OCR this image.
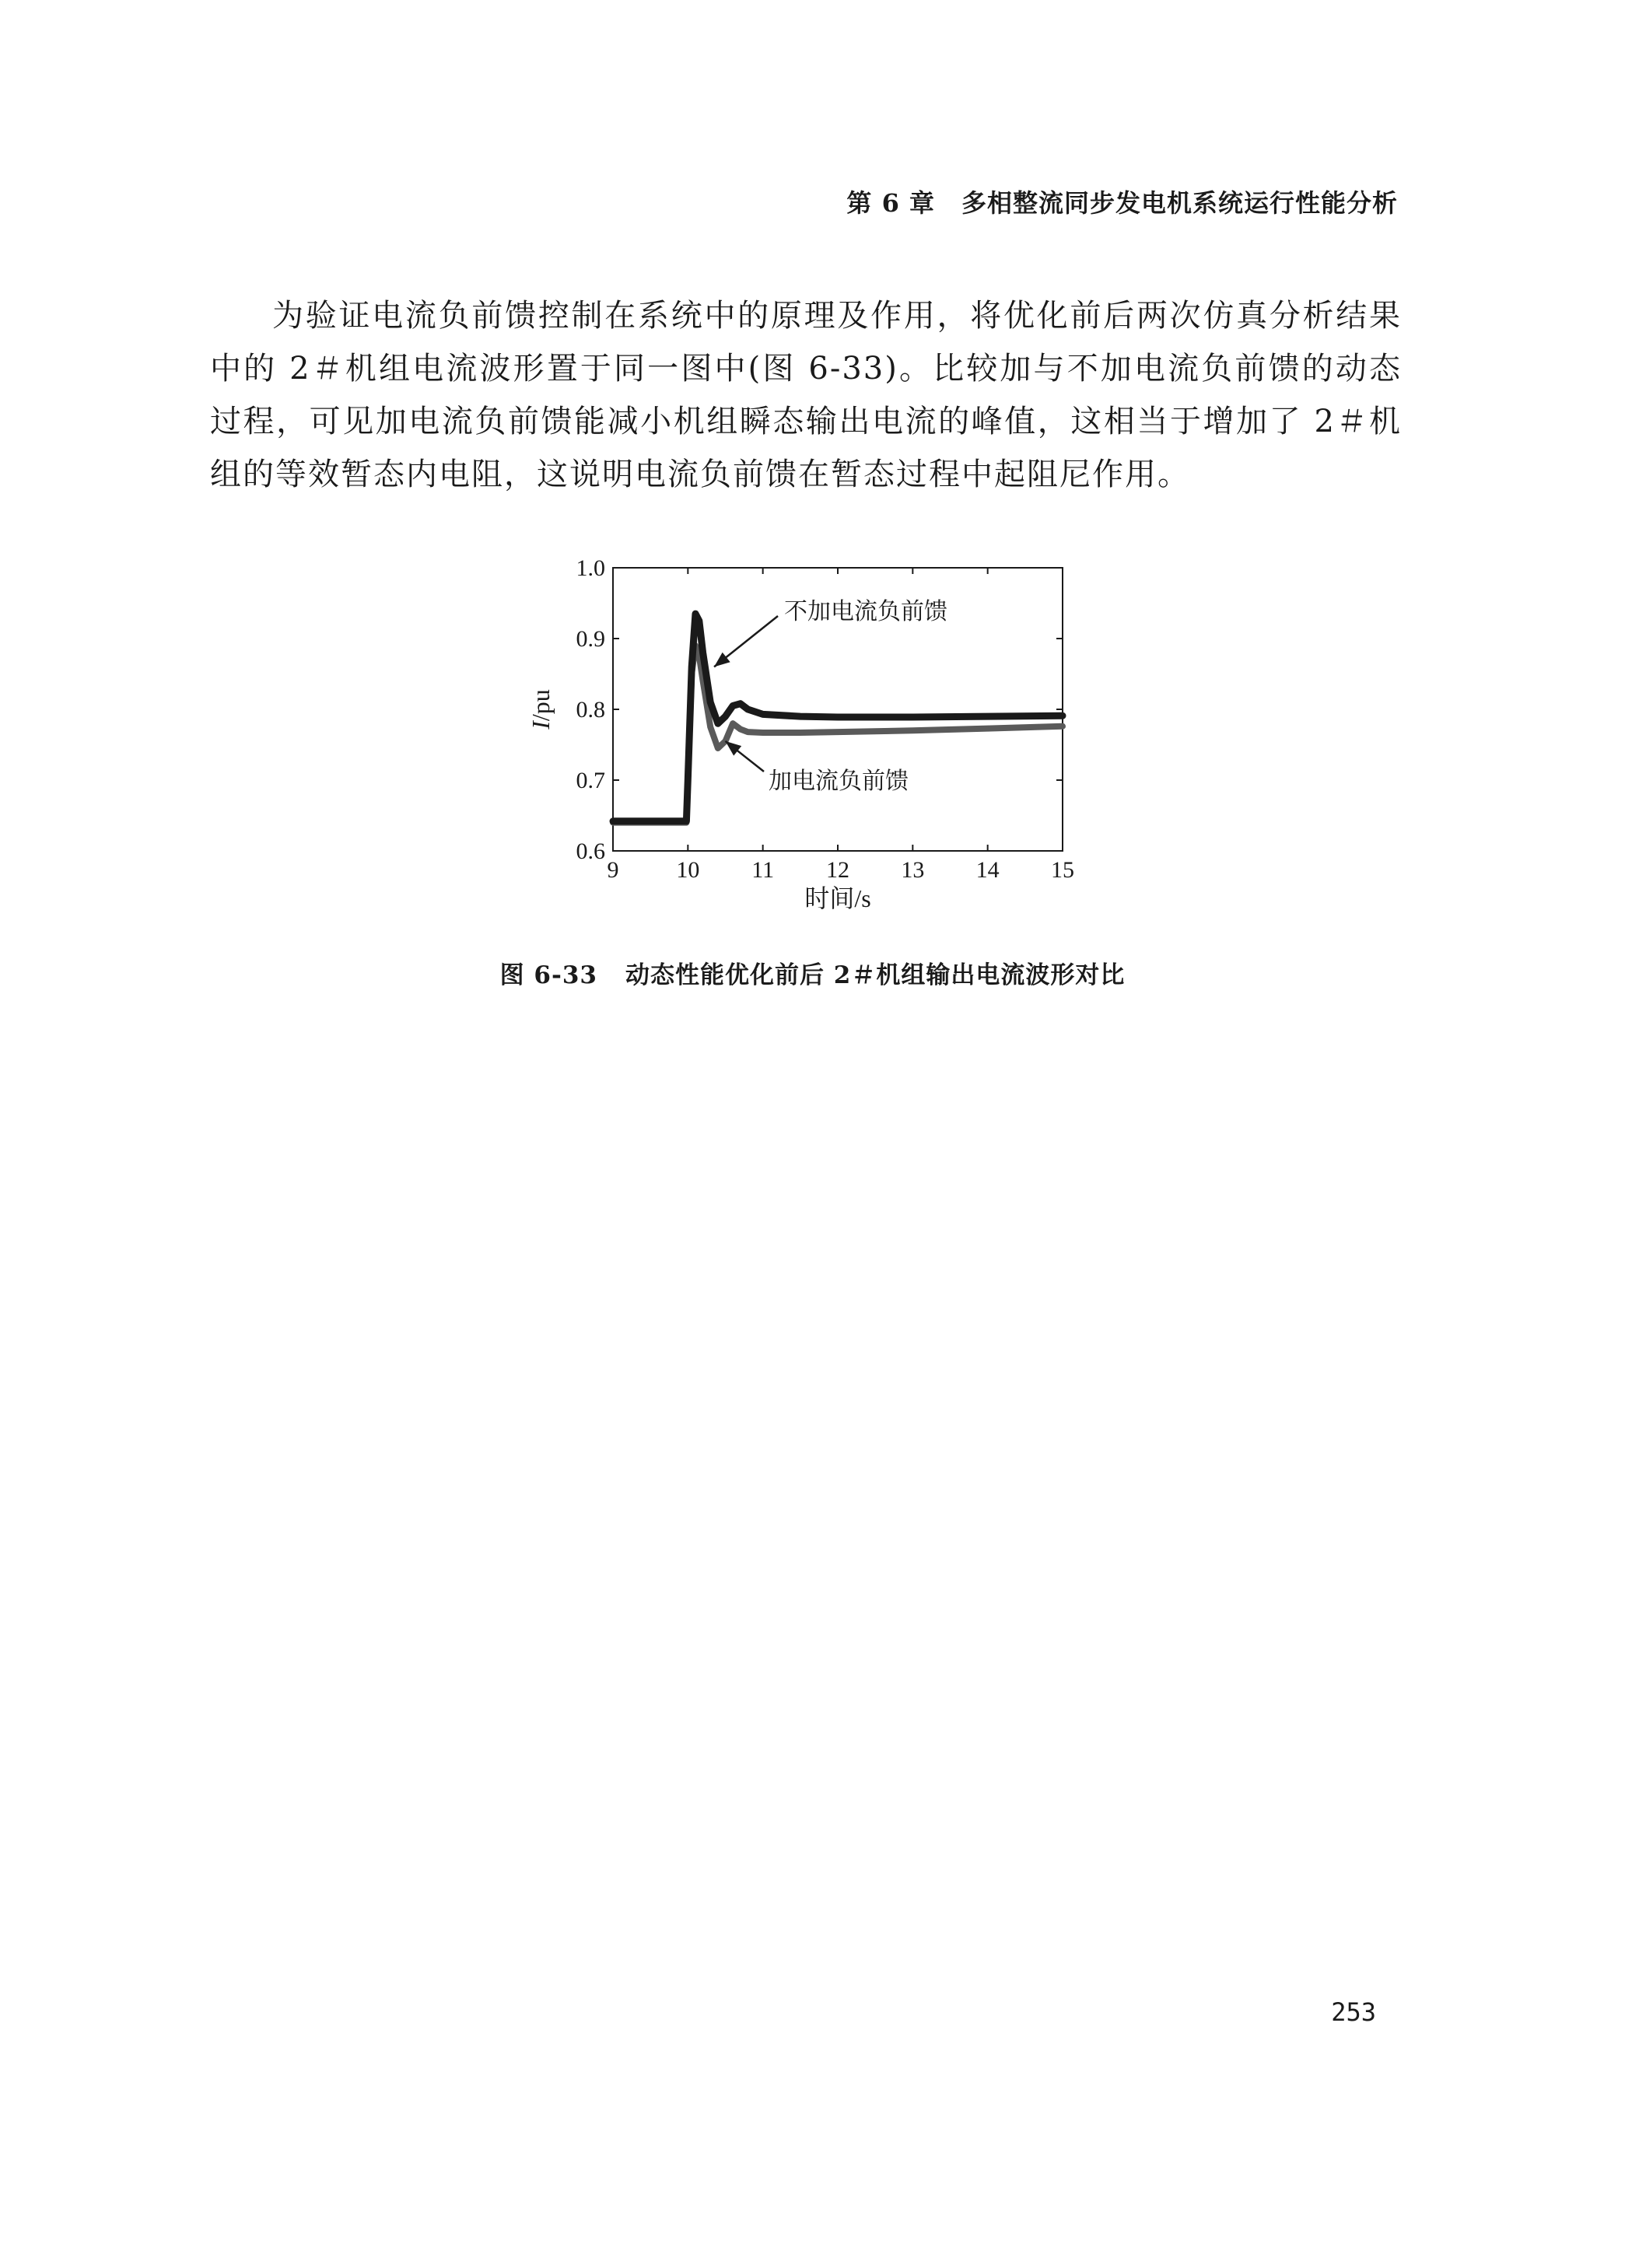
第 6 章 多相整流同步发电机系统运行性能分析

为验证电流负前馈控制在系统中的原理及作用，将优化前后两次仿真分析结果中的 2＃机组电流波形置于同一图中(图 6-33)。比较加与不加电流负前馈的动态过程，可见加电流负前馈能减小机组瞬态输出电流的峰值，这相当于增加了 2＃机组的等效暂态内电阻，这说明电流负前馈在暂态过程中起阻尼作用。

9 10 11 12 13 14 15
0.6
0.7
0.8
0.9
1.0
时间/s
I/pu
不加电流负前馈
加电流负前馈
图 6-33 动态性能优化前后 2＃机组输出电流波形对比
253
